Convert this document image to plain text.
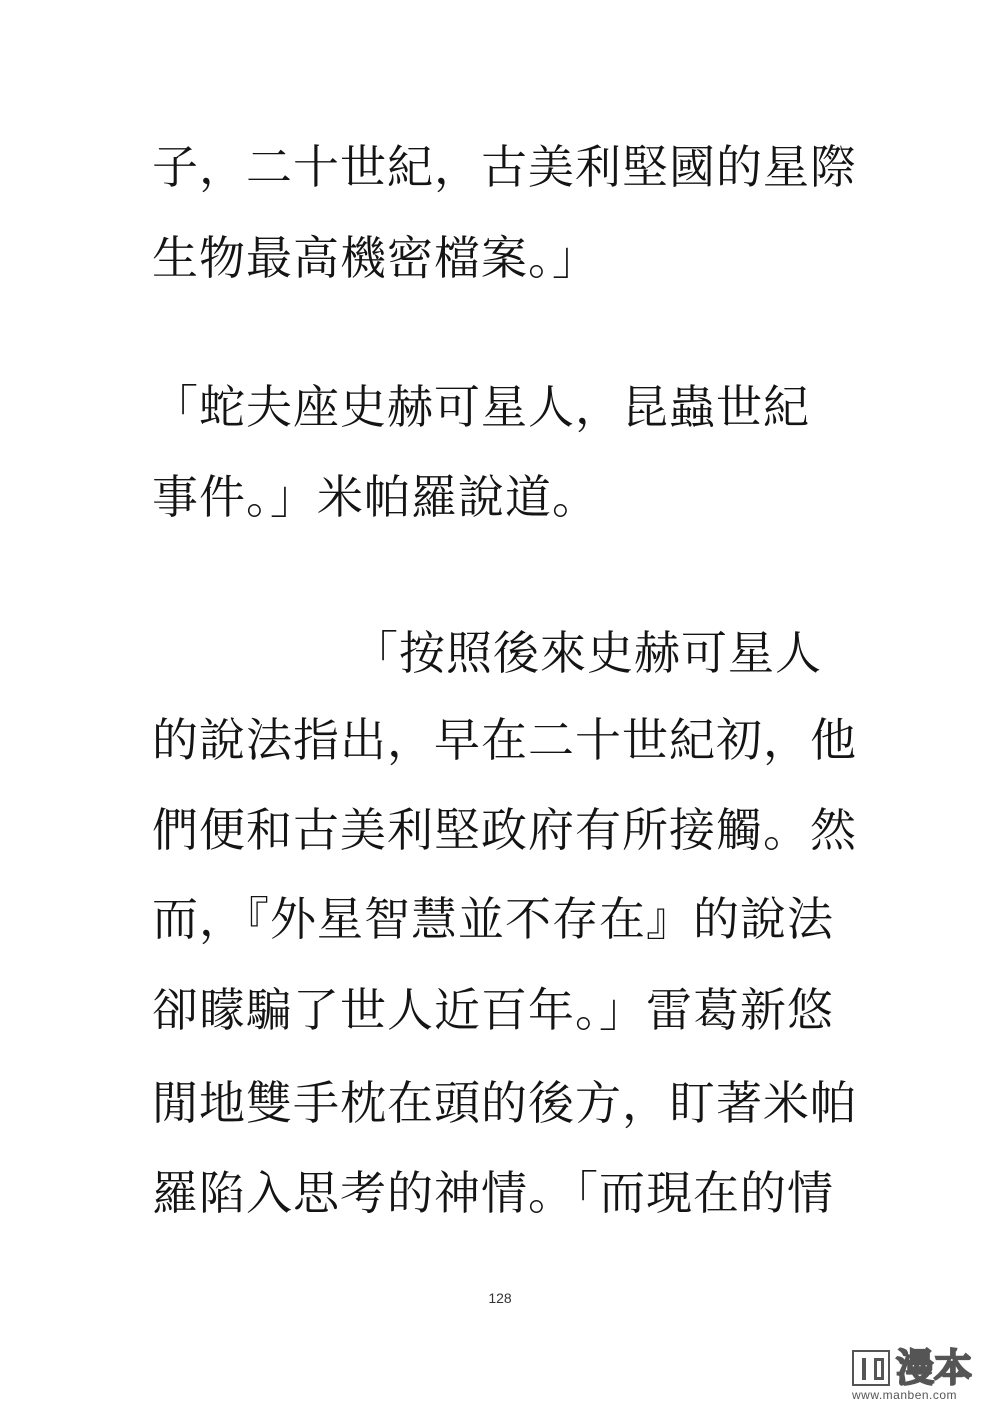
子，二十世紀，古美利堅國的星際
生物最高機密檔案。」
「蛇夫座史赫可星人，昆蟲世紀
事件。」米帕羅說道。
「按照後來史赫可星人
的說法指出，早在二十世紀初，他
們便和古美利堅政府有所接觸。然
而，『外星智慧並不存在』的說法
卻矇騙了世人近百年。」雷葛新悠
閒地雙手枕在頭的後方，盯著米帕
羅陷入思考的神情。「而現在的情
128
漫本
www.manben.com
